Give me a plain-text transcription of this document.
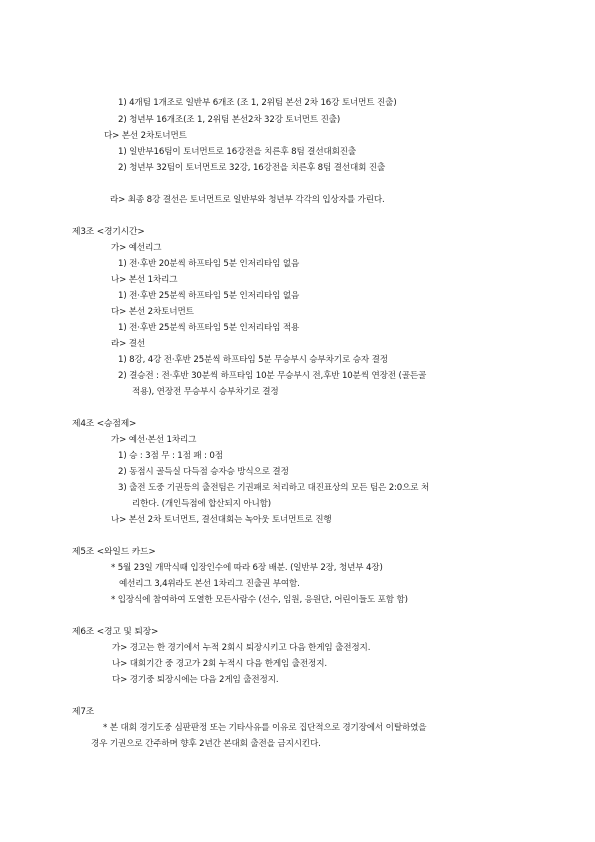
1) 4개팀 1개조로 일반부 6개조 (조 1, 2위팀 본선 2차 16강 토너먼트 진출)
2) 청년부 16개조(조 1, 2위팀 본선2차 32강 토너먼트 진출)
다> 본선 2차토너먼트
1) 일반부16팀이 토너먼트로 16강전을 치른후 8팀 결선대회진출
2) 청년부 32팀이 토너먼트로 32강, 16강전을 치른후 8팀 결선대회 진출
라> 최종 8강 결선은 토너먼트로 일반부와 청년부 각각의 입상자를 가린다.
제3조 <경기시간>
가> 예선리그
1) 전·후반 20분씩 하프타임 5분 인저리타임 없음
나> 본선 1차리그
1) 전·후반 25분씩 하프타임 5분 인저리타임 없음
다> 본선 2차토너먼트
1) 전·후반 25분씩 하프타임 5분 인저리타임 적용
라> 결선
1) 8강, 4강 전·후반 25분씩 하프타임 5분 무승부시 승부차기로 승자 결정
2) 결승전 : 전·후반 30분씩 하프타임 10분 무승부시 전,후반 10분씩 연장전 (골든골
적용), 연장전 무승부시 승부차기로 결정
제4조 <승점제>
가> 예선·본선 1차리그
1) 승 : 3점 무 : 1점 패 : 0점
2) 동점시 골득실 다득점 승자승 방식으로 결정
3) 출전 도중 기권등의 출전팀은 기권패로 처리하고 대진표상의 모든 팀은 2:0으로 처
리한다. (개인득점에 합산되지 아니함)
나> 본선 2차 토너먼트, 결선대회는 녹아웃 토너먼트로 진행
제5조 <와일드 카드>
* 5월 23일 개막식때 입장인수에 따라 6장 배분. (일반부 2장, 청년부 4장)
예선리그 3,4위라도 본선 1차리그 진출권 부여함.
* 입장식에 참여하여 도열한 모든사람수 (선수, 임원, 응원단, 어린이들도 포함 함)
제6조 <경고 및 퇴장>
가> 경고는 한 경기에서 누적 2회시 퇴장시키고 다음 한게임 출전정지.
나> 대회기간 중 경고가 2회 누적시 다음 한게임 출전정지.
다> 경기중 퇴장시에는 다음 2게임 출전정지.
제7조
* 본 대회 경기도중 심판판정 또는 기타사유를 이유로 집단적으로 경기장에서 이탈하였을
경우 기권으로 간주하며 향후 2년간 본대회 출전을 금지시킨다.
